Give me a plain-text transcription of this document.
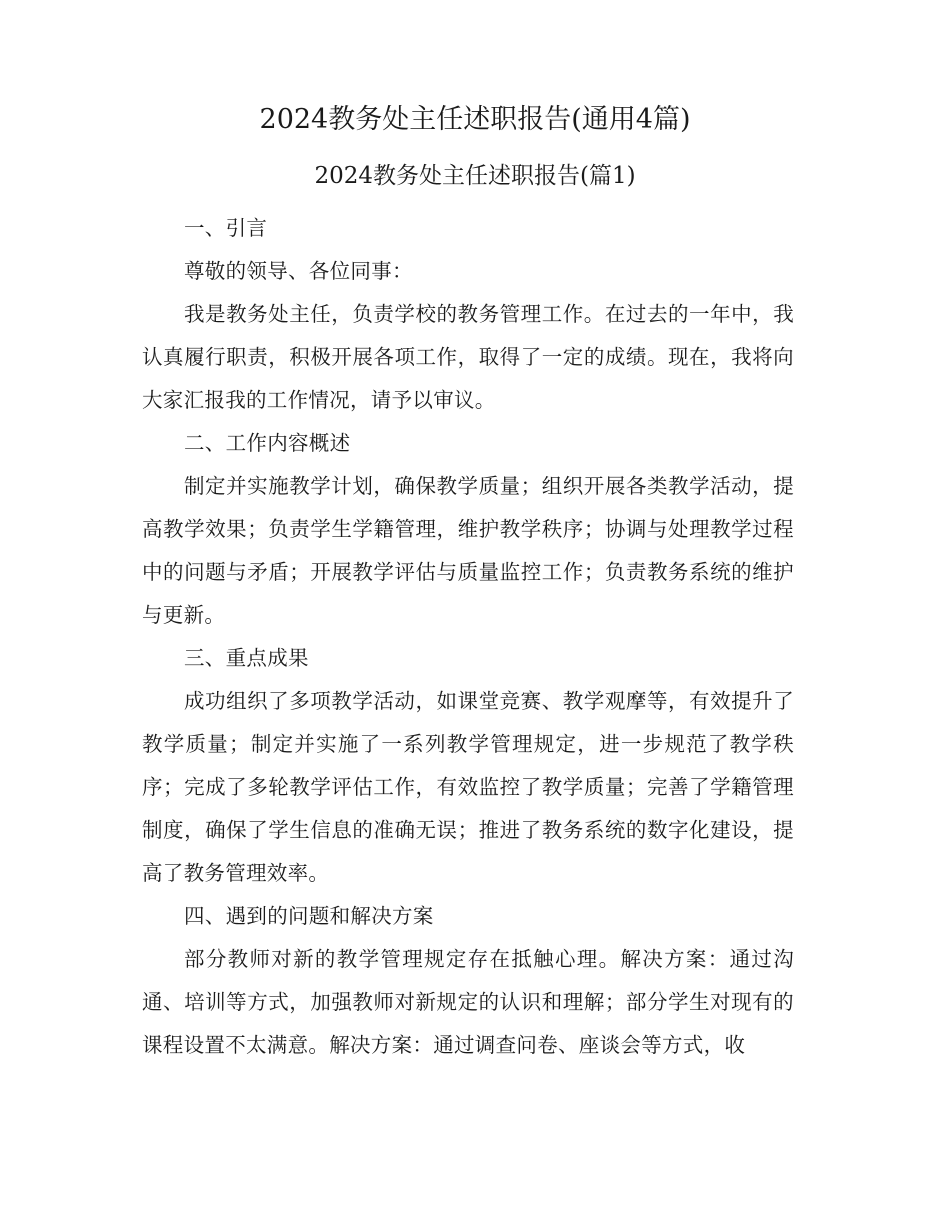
2024教务处主任述职报告(通用4篇)
2024教务处主任述职报告(篇1)

一、引言

尊敬的领导、各位同事：

我是教务处主任，负责学校的教务管理工作。在过去的一年中，我认真履行职责，积极开展各项工作，取得了一定的成绩。现在，我将向大家汇报我的工作情况，请予以审议。

二、工作内容概述

制定并实施教学计划，确保教学质量；组织开展各类教学活动，提高教学效果；负责学生学籍管理，维护教学秩序；协调与处理教学过程中的问题与矛盾；开展教学评估与质量监控工作；负责教务系统的维护与更新。

三、重点成果

成功组织了多项教学活动，如课堂竞赛、教学观摩等，有效提升了教学质量；制定并实施了一系列教学管理规定，进一步规范了教学秩序；完成了多轮教学评估工作，有效监控了教学质量；完善了学籍管理制度，确保了学生信息的准确无误；推进了教务系统的数字化建设，提高了教务管理效率。

四、遇到的问题和解决方案

部分教师对新的教学管理规定存在抵触心理。解决方案：通过沟通、培训等方式，加强教师对新规定的认识和理解；部分学生对现有的课程设置不太满意。解决方案：通过调查问卷、座谈会等方式，收
